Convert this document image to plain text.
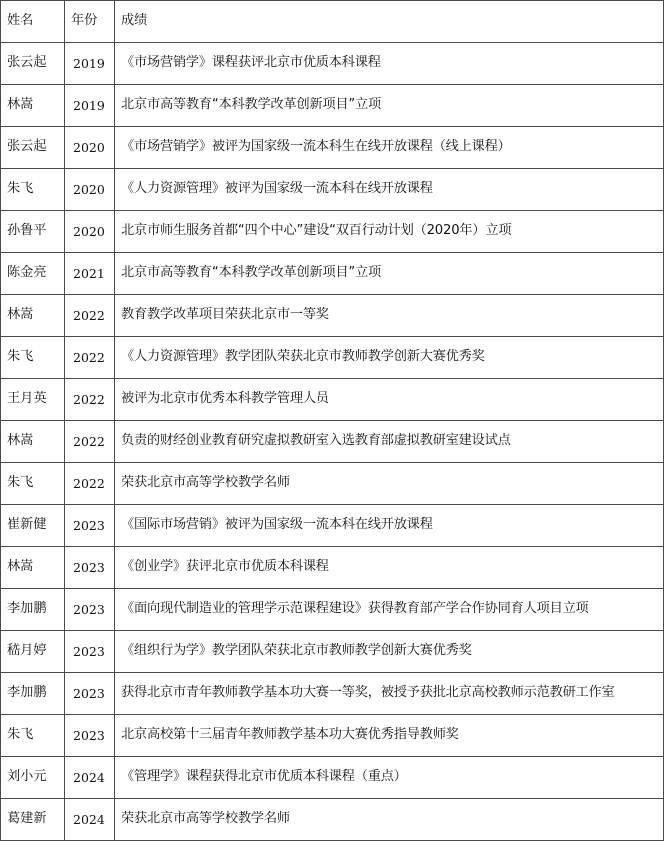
姓名	年份	成绩
张云起	2019	《市场营销学》课程获评北京市优质本科课程
林嵩	2019	北京市高等教育“本科教学改革创新项目”立项
张云起	2020	《市场营销学》被评为国家级一流本科生在线开放课程（线上课程）
朱飞	2020	《人力资源管理》被评为国家级一流本科在线开放课程
孙鲁平	2020	北京市师生服务首都“四个中心”建设“双百行动计划（2020年）立项
陈金亮	2021	北京市高等教育“本科教学改革创新项目”立项
林嵩	2022	教育教学改革项目荣获北京市一等奖
朱飞	2022	《人力资源管理》教学团队荣获北京市教师教学创新大赛优秀奖
王月英	2022	被评为北京市优秀本科教学管理人员
林嵩	2022	负责的财经创业教育研究虚拟教研室入选教育部虚拟教研室建设试点
朱飞	2022	荣获北京市高等学校教学名师
崔新健	2023	《国际市场营销》被评为国家级一流本科在线开放课程
林嵩	2023	《创业学》获评北京市优质本科课程
李加鹏	2023	《面向现代制造业的管理学示范课程建设》获得教育部产学合作协同育人项目立项
嵇月婷	2023	《组织行为学》教学团队荣获北京市教师教学创新大赛优秀奖
李加鹏	2023	获得北京市青年教师教学基本功大赛一等奖，被授予获批北京高校教师示范教研工作室
朱飞	2023	北京高校第十三届青年教师教学基本功大赛优秀指导教师奖
刘小元	2024	《管理学》课程获得北京市优质本科课程（重点）
葛建新	2024	荣获北京市高等学校教学名师
